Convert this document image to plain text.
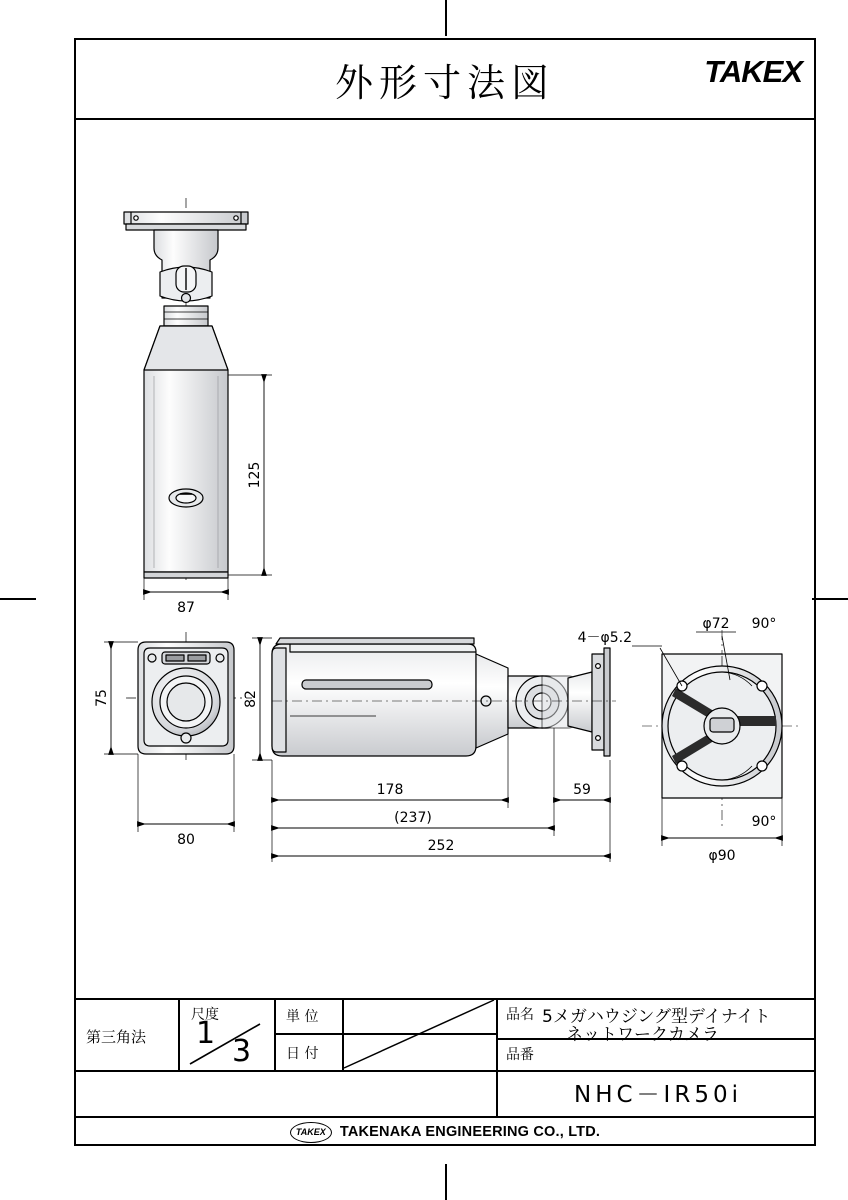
外形寸法図	TAKEX
125
87
75
80
82
178	59
(237)
252
φ72
4－φ5.2
90°
90°
φ90
第三角法
尺度
1
3
単 位
日 付
品名 5メガハウジング型デイナイト
ネットワークカメラ
品番
NHC－IR50i
TAKEX TAKENAKA ENGINEERING CO., LTD.
